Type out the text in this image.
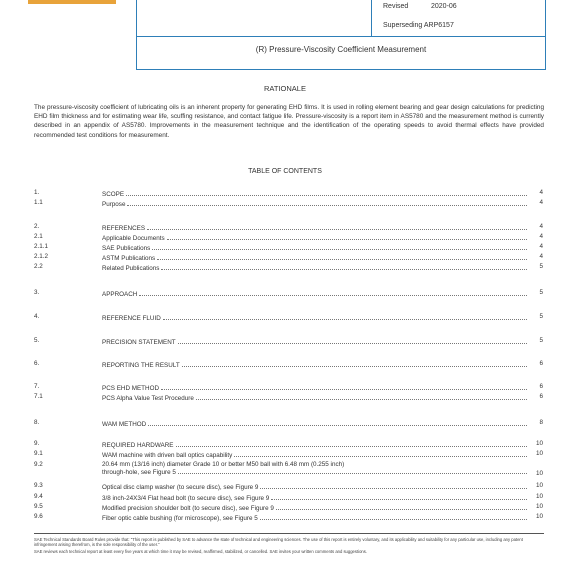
Revised	2020-06
Superseding ARP6157
(R) Pressure-Viscosity Coefficient Measurement
RATIONALE
The pressure-viscosity coefficient of lubricating oils is an inherent property for generating EHD films. It is used in rolling element bearing and gear design calculations for predicting EHD film thickness and for estimating wear life, scuffing resistance, and contact fatigue life. Pressure-viscosity is a report item in AS5780 and the measurement method is currently described in an appendix of AS5780. Improvements in the measurement technique and the identification of the operating speeds to avoid thermal effects have provided recommended test conditions for measurement.
TABLE OF CONTENTS
1.	SCOPE	4
1.1	Purpose	4
2.	REFERENCES	4
2.1	Applicable Documents	4
2.1.1	SAE Publications	4
2.1.2	ASTM Publications	4
2.2	Related Publications	5
3.	APPROACH	5
4.	REFERENCE FLUID	5
5.	PRECISION STATEMENT	5
6.	REPORTING THE RESULT	6
7.	PCS EHD METHOD	6
7.1	PCS Alpha Value Test Procedure	6
8.	WAM METHOD	8
9.	REQUIRED HARDWARE	10
9.1	WAM machine with driven ball optics capability	10
9.2	20.64 mm (13/16 inch) diameter Grade 10 or better M50 ball with 6.48 mm (0.255 inch)
through-hole, see Figure 5	10
9.3	Optical disc clamp washer (to secure disc), see Figure 9	10
9.4	3/8 inch-24X3/4 Flat head bolt (to secure disc), see Figure 9	10
9.5	Modified precision shoulder bolt (to secure disc), see Figure 9	10
9.6	Fiber optic cable bushing (for microscope), see Figure 5	10
SAE Technical Standards Board Rules provide that: "This report is published by SAE to advance the state of technical and engineering sciences. The use of this report is entirely voluntary, and its applicability and suitability for any particular use, including any patent infringement arising therefrom, is the sole responsibility of the user."
SAE reviews each technical report at least every five years at which time it may be revised, reaffirmed, stabilized, or cancelled. SAE invites your written comments and suggestions.
